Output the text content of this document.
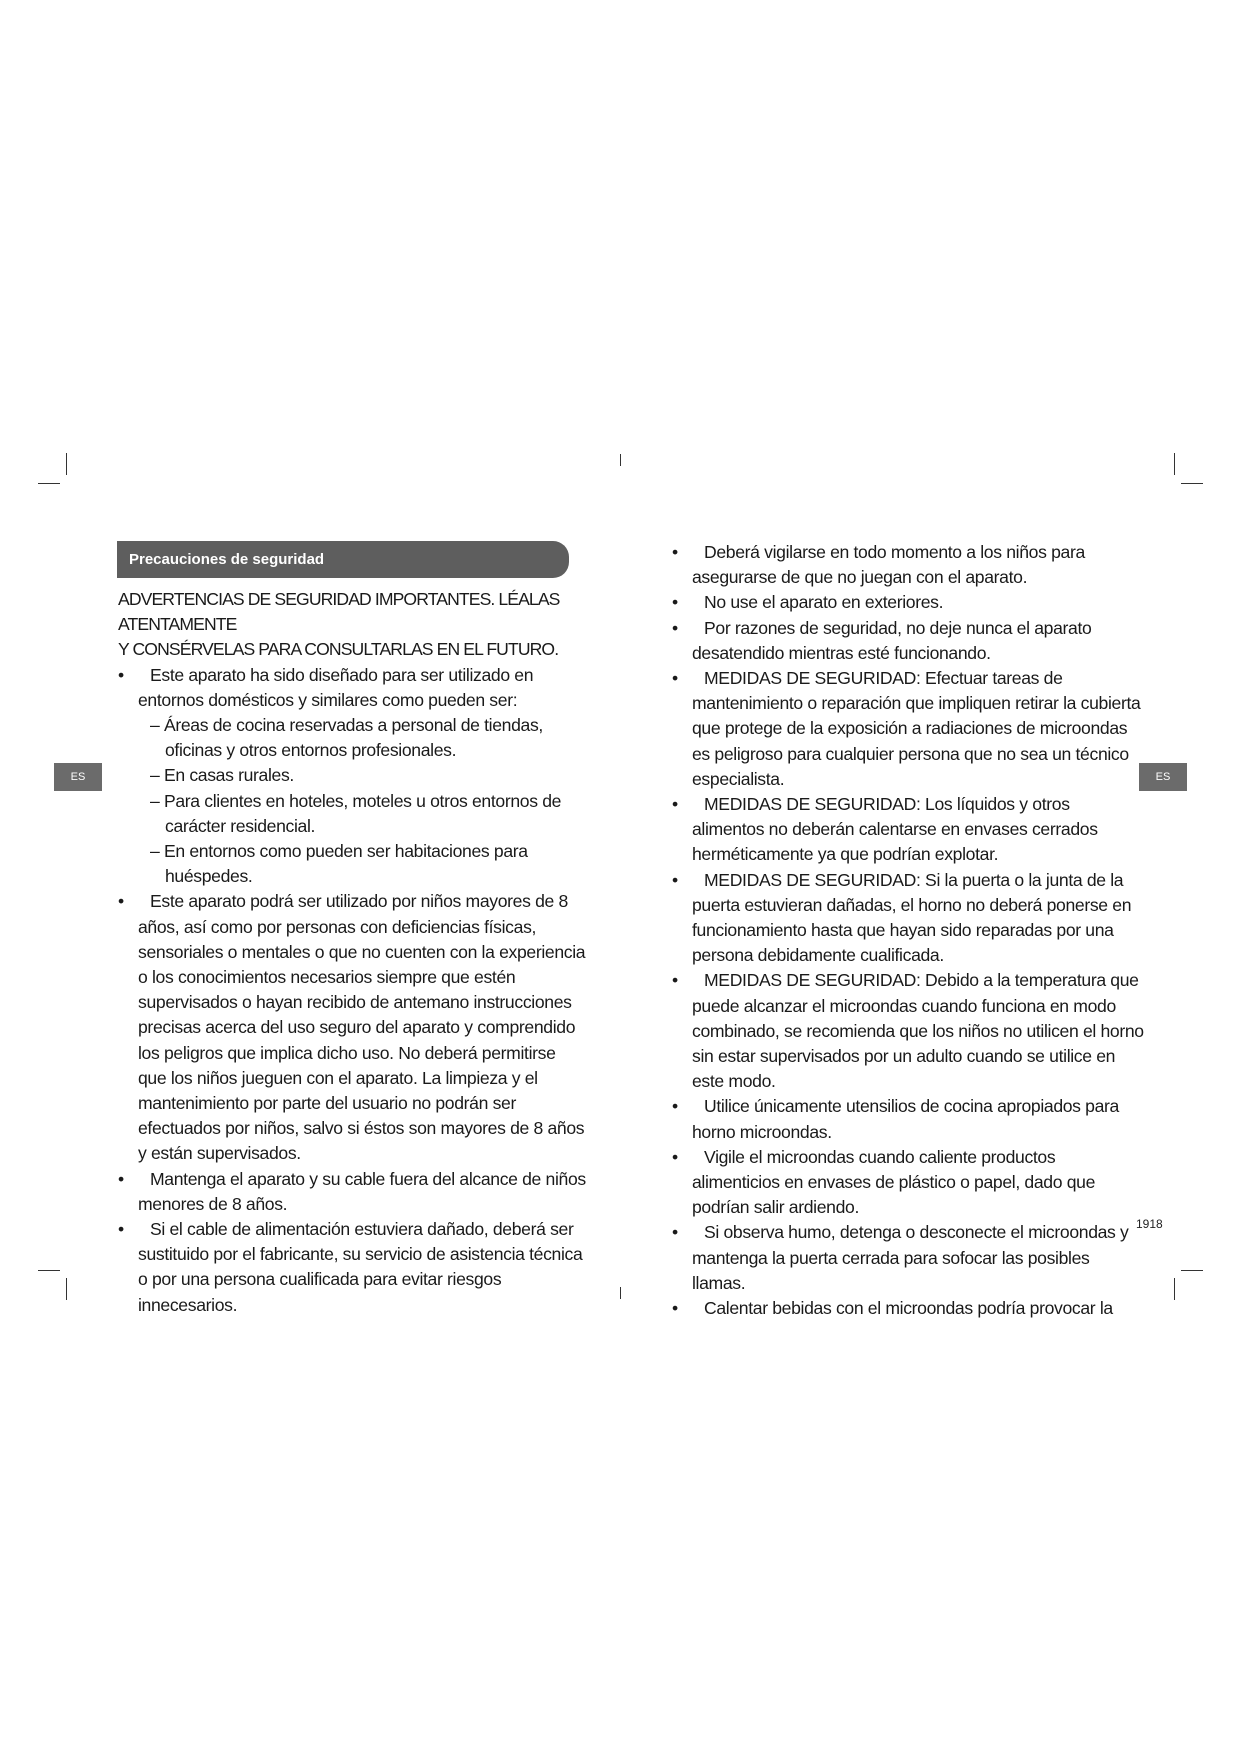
Precauciones de seguridad
ES	ES
ADVERTENCIAS DE SEGURIDAD IMPORTANTES. LÉALAS ATENTAMENTE
Y CONSÉRVELAS PARA CONSULTARLAS EN EL FUTURO.
•	Este aparato ha sido diseñado para ser utilizado en entornos domésticos y similares como pueden ser:
– Áreas de cocina reservadas a personal de tiendas, oficinas y otros entornos profesionales.
– En casas rurales.
– Para clientes en hoteles, moteles u otros entornos de carácter residencial.
– En entornos como pueden ser habitaciones para huéspedes.
•	Este aparato podrá ser utilizado por niños mayores de 8 años, así como por personas con deficiencias físicas, sensoriales o mentales o que no cuenten con la experiencia o los conocimientos necesarios siempre que estén supervisados o hayan recibido de antemano instrucciones precisas acerca del uso seguro del aparato y comprendido los peligros que implica dicho uso. No deberá permitirse que los niños jueguen con el aparato. La limpieza y el mantenimiento por parte del usuario no podrán ser efectuados por niños, salvo si éstos son mayores de 8 años y están supervisados.
•	Mantenga el aparato y su cable fuera del alcance de niños menores de 8 años.
•	Si el cable de alimentación estuviera dañado, deberá ser sustituido por el fabricante, su servicio de asistencia técnica o por una persona cualificada para evitar riesgos innecesarios.
•	Deberá vigilarse en todo momento a los niños para asegurarse de que no juegan con el aparato.
•	No use el aparato en exteriores.
•	Por razones de seguridad, no deje nunca el aparato desatendido mientras esté funcionando.
•	MEDIDAS DE SEGURIDAD: Efectuar tareas de mantenimiento o reparación que impliquen retirar la cubierta que protege de la exposición a radiaciones de microondas es peligroso para cualquier persona que no sea un técnico especialista.
•	MEDIDAS DE SEGURIDAD: Los líquidos y otros alimentos no deberán calentarse en envases cerrados herméticamente ya que podrían explotar.
•	MEDIDAS DE SEGURIDAD: Si la puerta o la junta de la puerta estuvieran dañadas, el horno no deberá ponerse en funcionamiento hasta que hayan sido reparadas por una persona debidamente cualificada.
•	MEDIDAS DE SEGURIDAD: Debido a la temperatura que puede alcanzar el microondas cuando funciona en modo combinado, se recomienda que los niños no utilicen el horno sin estar supervisados por un adulto cuando se utilice en este modo.
•	Utilice únicamente utensilios de cocina apropiados para horno microondas.
•	Vigile el microondas cuando caliente productos alimenticios en envases de plástico o papel, dado que podrían salir ardiendo.
•	Si observa humo, detenga o desconecte el microondas y mantenga la puerta cerrada para sofocar las posibles llamas.
•	Calentar bebidas con el microondas podría provocar la
1918
